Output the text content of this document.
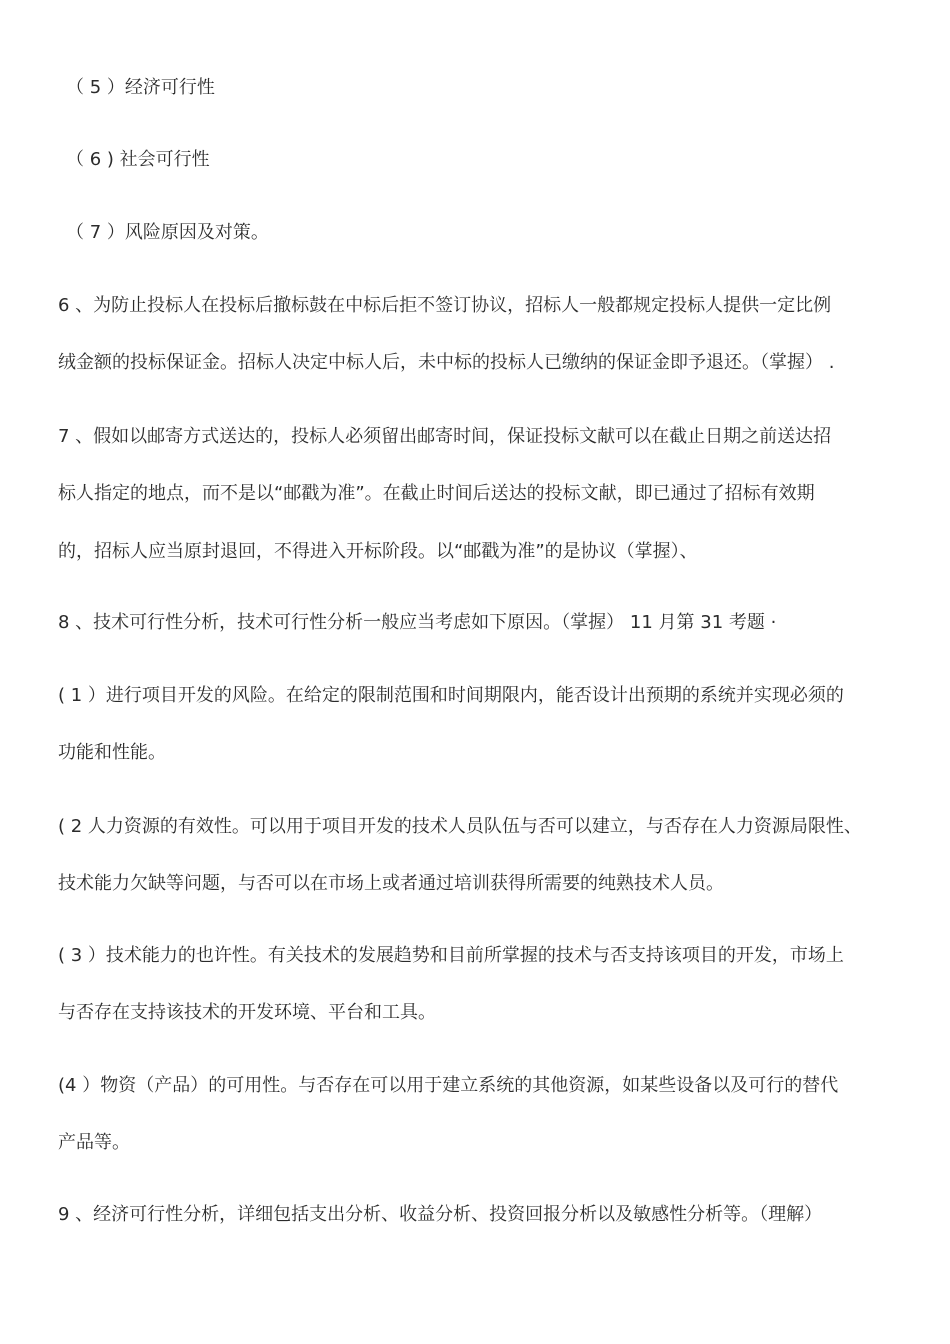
（ 5 ）经济可行性
（ 6 ) 社会可行性
（ 7 ）风险原因及对策。
6 、为防止投标人在投标后撤标鼓在中标后拒不签订协议，招标人一般都规定投标人提供一定比例
绒金额的投标保证金。招标人决定中标人后，未中标的投标人已缴纳的保证金即予退还。（掌握） .
7 、假如以邮寄方式送达的，投标人必须留出邮寄时间，保证投标文献可以在截止日期之前送达招
标人指定的地点，而不是以“邮戳为准”。在截止时间后送达的投标文献，即已通过了招标有效期
的，招标人应当原封退回，不得进入开标阶段。以“邮戳为准”的是协议（掌握）、
8 、技术可行性分析，技术可行性分析一般应当考虑如下原因。（掌握） 11 月第 31 考题 ·
( 1 ）进行项目开发的风险。在给定的限制范围和时间期限内，能否设计出预期的系统并实现必须的
功能和性能。
( 2 人力资源的有效性。可以用于项目开发的技术人员队伍与否可以建立，与否存在人力资源局限性、
技术能力欠缺等问题，与否可以在市场上或者通过培训获得所需要的纯熟技术人员。
( 3 ）技术能力的也许性。有关技术的发展趋势和目前所掌握的技术与否支持该项目的开发，市场上
与否存在支持该技术的开发环境、平台和工具。
(4 ）物资（产品）的可用性。与否存在可以用于建立系统的其他资源，如某些设备以及可行的替代
产品等。
9 、经济可行性分析，详细包括支出分析、收益分析、投资回报分析以及敏感性分析等。（理解）
